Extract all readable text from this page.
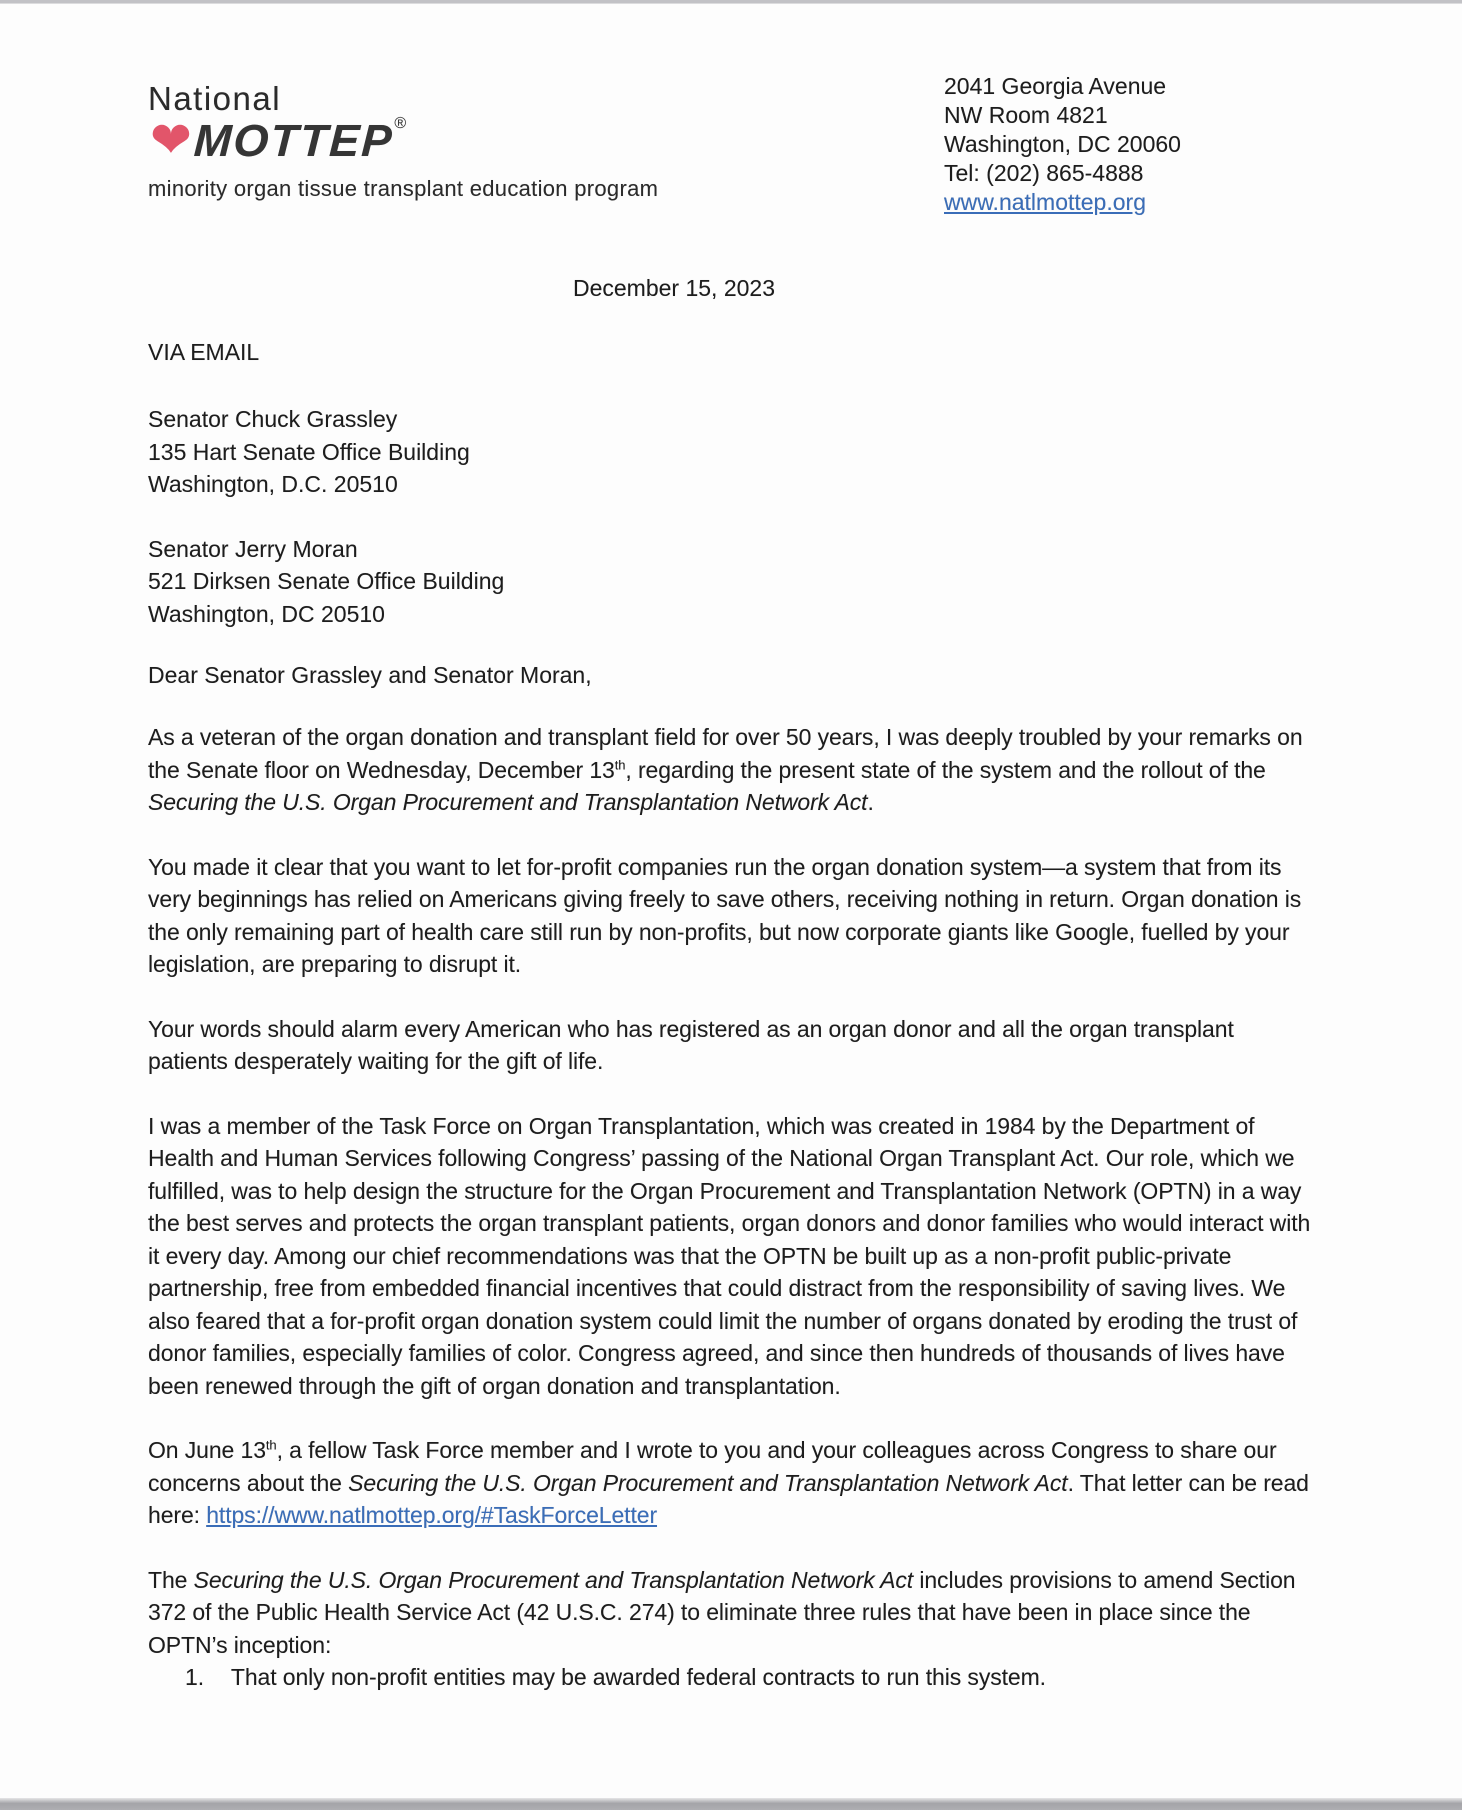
National
❤ MOTTEP ®
minority organ tissue transplant education program
2041 Georgia Avenue
NW Room 4821
Washington, DC 20060
Tel: (202) 865-4888
www.natlmottep.org
December 15, 2023
VIA EMAIL
Senator Chuck Grassley
135 Hart Senate Office Building
Washington, D.C. 20510
Senator Jerry Moran
521 Dirksen Senate Office Building
Washington, DC 20510
Dear Senator Grassley and Senator Moran,

As a veteran of the organ donation and transplant field for over 50 years, I was deeply troubled by your remarks on the Senate floor on Wednesday, December 13th, regarding the present state of the system and the rollout of the Securing the U.S. Organ Procurement and Transplantation Network Act.

You made it clear that you want to let for-profit companies run the organ donation system—a system that from its very beginnings has relied on Americans giving freely to save others, receiving nothing in return. Organ donation is the only remaining part of health care still run by non-profits, but now corporate giants like Google, fuelled by your legislation, are preparing to disrupt it.

Your words should alarm every American who has registered as an organ donor and all the organ transplant patients desperately waiting for the gift of life.

I was a member of the Task Force on Organ Transplantation, which was created in 1984 by the Department of Health and Human Services following Congress’ passing of the National Organ Transplant Act. Our role, which we fulfilled, was to help design the structure for the Organ Procurement and Transplantation Network (OPTN) in a way the best serves and protects the organ transplant patients, organ donors and donor families who would interact with it every day. Among our chief recommendations was that the OPTN be built up as a non-profit public-private partnership, free from embedded financial incentives that could distract from the responsibility of saving lives. We also feared that a for-profit organ donation system could limit the number of organs donated by eroding the trust of donor families, especially families of color. Congress agreed, and since then hundreds of thousands of lives have been renewed through the gift of organ donation and transplantation.

On June 13th, a fellow Task Force member and I wrote to you and your colleagues across Congress to share our concerns about the Securing the U.S. Organ Procurement and Transplantation Network Act. That letter can be read here: https://www.natlmottep.org/#TaskForceLetter

The Securing the U.S. Organ Procurement and Transplantation Network Act includes provisions to amend Section 372 of the Public Health Service Act (42 U.S.C. 274) to eliminate three rules that have been in place since the OPTN’s inception:

1. That only non-profit entities may be awarded federal contracts to run this system.
